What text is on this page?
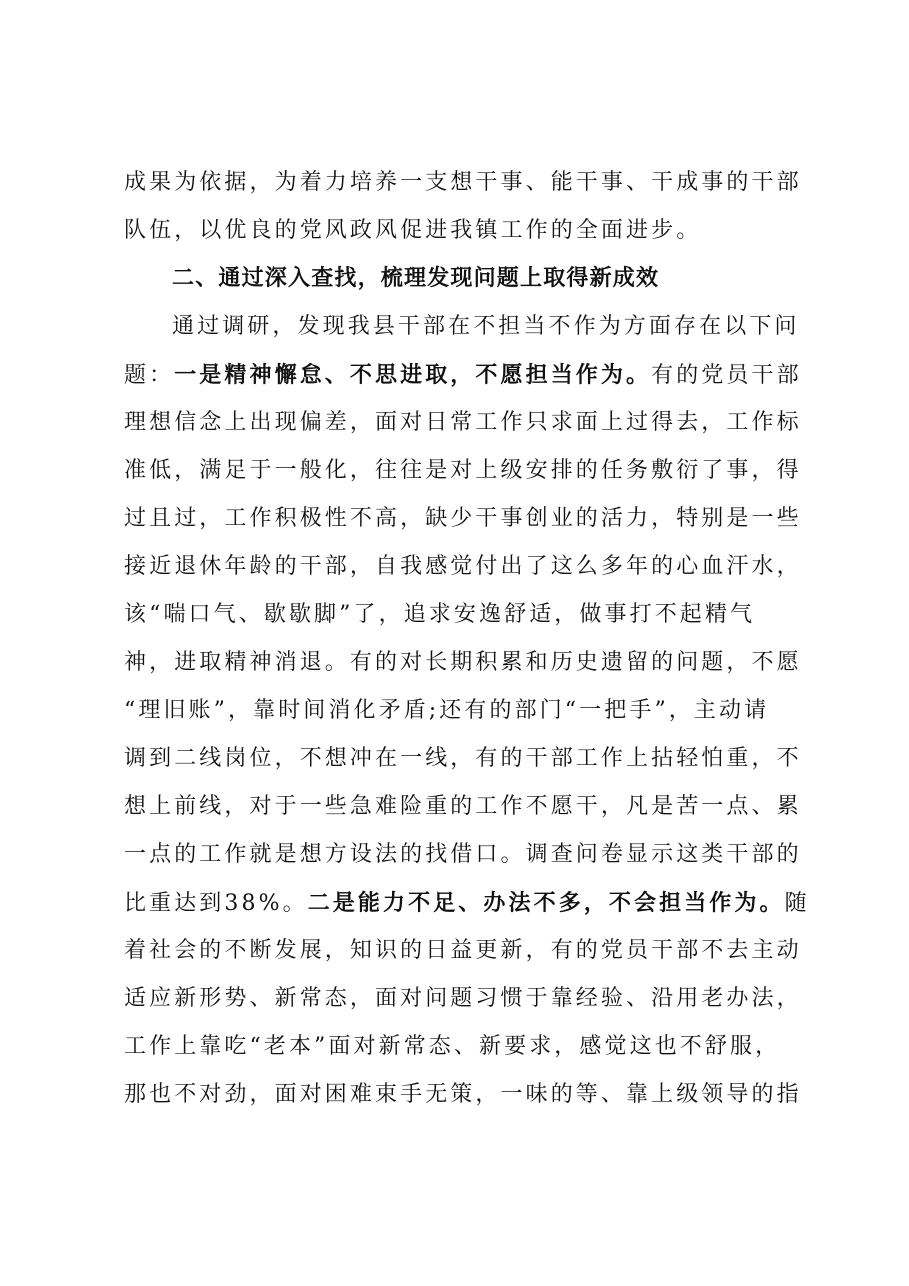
成果为依据，为着力培养一支想干事、能干事、干成事的干部
队伍，以优良的党风政风促进我镇工作的全面进步。
二、通过深入查找，梳理发现问题上取得新成效
通过调研，发现我县干部在不担当不作为方面存在以下问
题：一是精神懈怠、不思进取，不愿担当作为。有的党员干部
理想信念上出现偏差，面对日常工作只求面上过得去，工作标
准低，满足于一般化，往往是对上级安排的任务敷衍了事，得
过且过，工作积极性不高，缺少干事创业的活力，特别是一些
接近退休年龄的干部，自我感觉付出了这么多年的心血汗水，
该“喘口气、歇歇脚”了，追求安逸舒适，做事打不起精气
神，进取精神消退。有的对长期积累和历史遗留的问题，不愿
“理旧账”，靠时间消化矛盾;还有的部门“一把手”，主动请
调到二线岗位，不想冲在一线，有的干部工作上拈轻怕重，不
想上前线，对于一些急难险重的工作不愿干，凡是苦一点、累
一点的工作就是想方设法的找借口。调查问卷显示这类干部的
比重达到38%。二是能力不足、办法不多，不会担当作为。随
着社会的不断发展，知识的日益更新，有的党员干部不去主动
适应新形势、新常态，面对问题习惯于靠经验、沿用老办法，
工作上靠吃“老本”面对新常态、新要求，感觉这也不舒服，
那也不对劲，面对困难束手无策，一味的等、靠上级领导的指
